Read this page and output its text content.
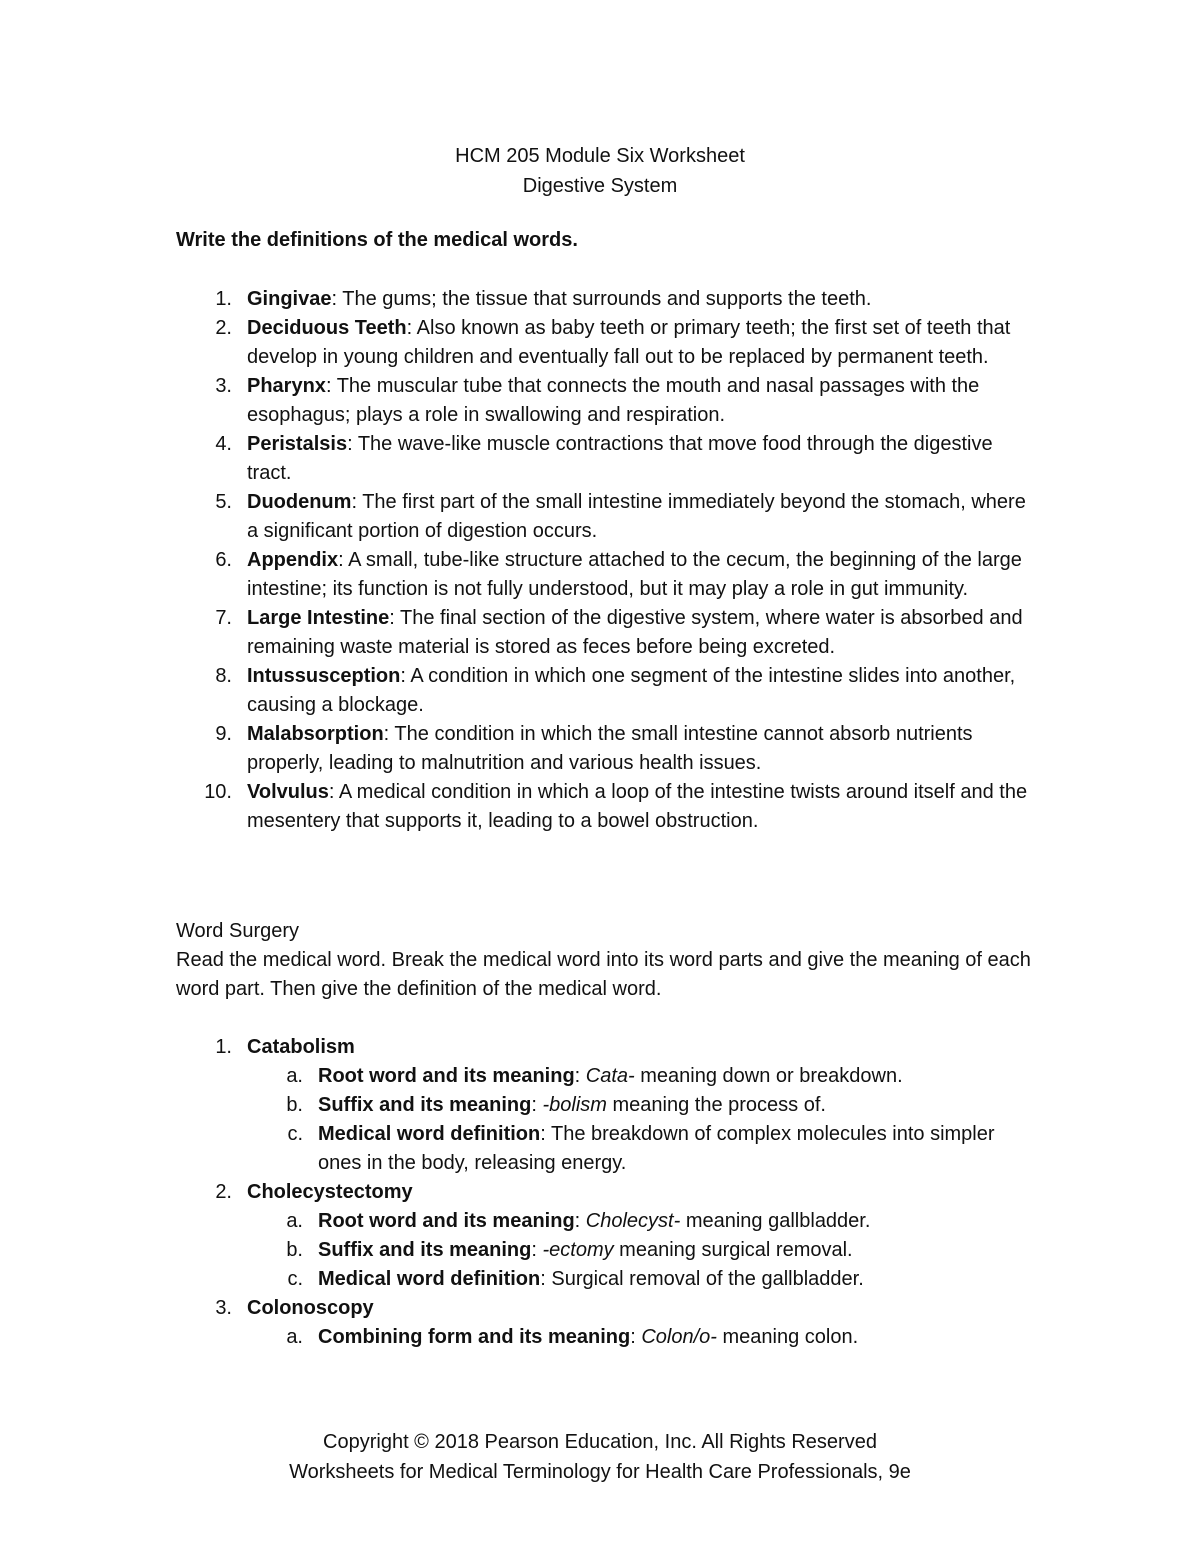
HCM 205 Module Six Worksheet
Digestive System
Write the definitions of the medical words.
1. Gingivae: The gums; the tissue that surrounds and supports the teeth.
2. Deciduous Teeth: Also known as baby teeth or primary teeth; the first set of teeth that develop in young children and eventually fall out to be replaced by permanent teeth.
3. Pharynx: The muscular tube that connects the mouth and nasal passages with the esophagus; plays a role in swallowing and respiration.
4. Peristalsis: The wave-like muscle contractions that move food through the digestive tract.
5. Duodenum: The first part of the small intestine immediately beyond the stomach, where a significant portion of digestion occurs.
6. Appendix: A small, tube-like structure attached to the cecum, the beginning of the large intestine; its function is not fully understood, but it may play a role in gut immunity.
7. Large Intestine: The final section of the digestive system, where water is absorbed and remaining waste material is stored as feces before being excreted.
8. Intussusception: A condition in which one segment of the intestine slides into another, causing a blockage.
9. Malabsorption: The condition in which the small intestine cannot absorb nutrients properly, leading to malnutrition and various health issues.
10. Volvulus: A medical condition in which a loop of the intestine twists around itself and the mesentery that supports it, leading to a bowel obstruction.
Word Surgery
Read the medical word. Break the medical word into its word parts and give the meaning of each word part. Then give the definition of the medical word.
1. Catabolism
a. Root word and its meaning: Cata- meaning down or breakdown.
b. Suffix and its meaning: -bolism meaning the process of.
c. Medical word definition: The breakdown of complex molecules into simpler ones in the body, releasing energy.
2. Cholecystectomy
a. Root word and its meaning: Cholecyst- meaning gallbladder.
b. Suffix and its meaning: -ectomy meaning surgical removal.
c. Medical word definition: Surgical removal of the gallbladder.
3. Colonoscopy
a. Combining form and its meaning: Colon/o- meaning colon.
Copyright © 2018 Pearson Education, Inc. All Rights Reserved
Worksheets for Medical Terminology for Health Care Professionals, 9e
